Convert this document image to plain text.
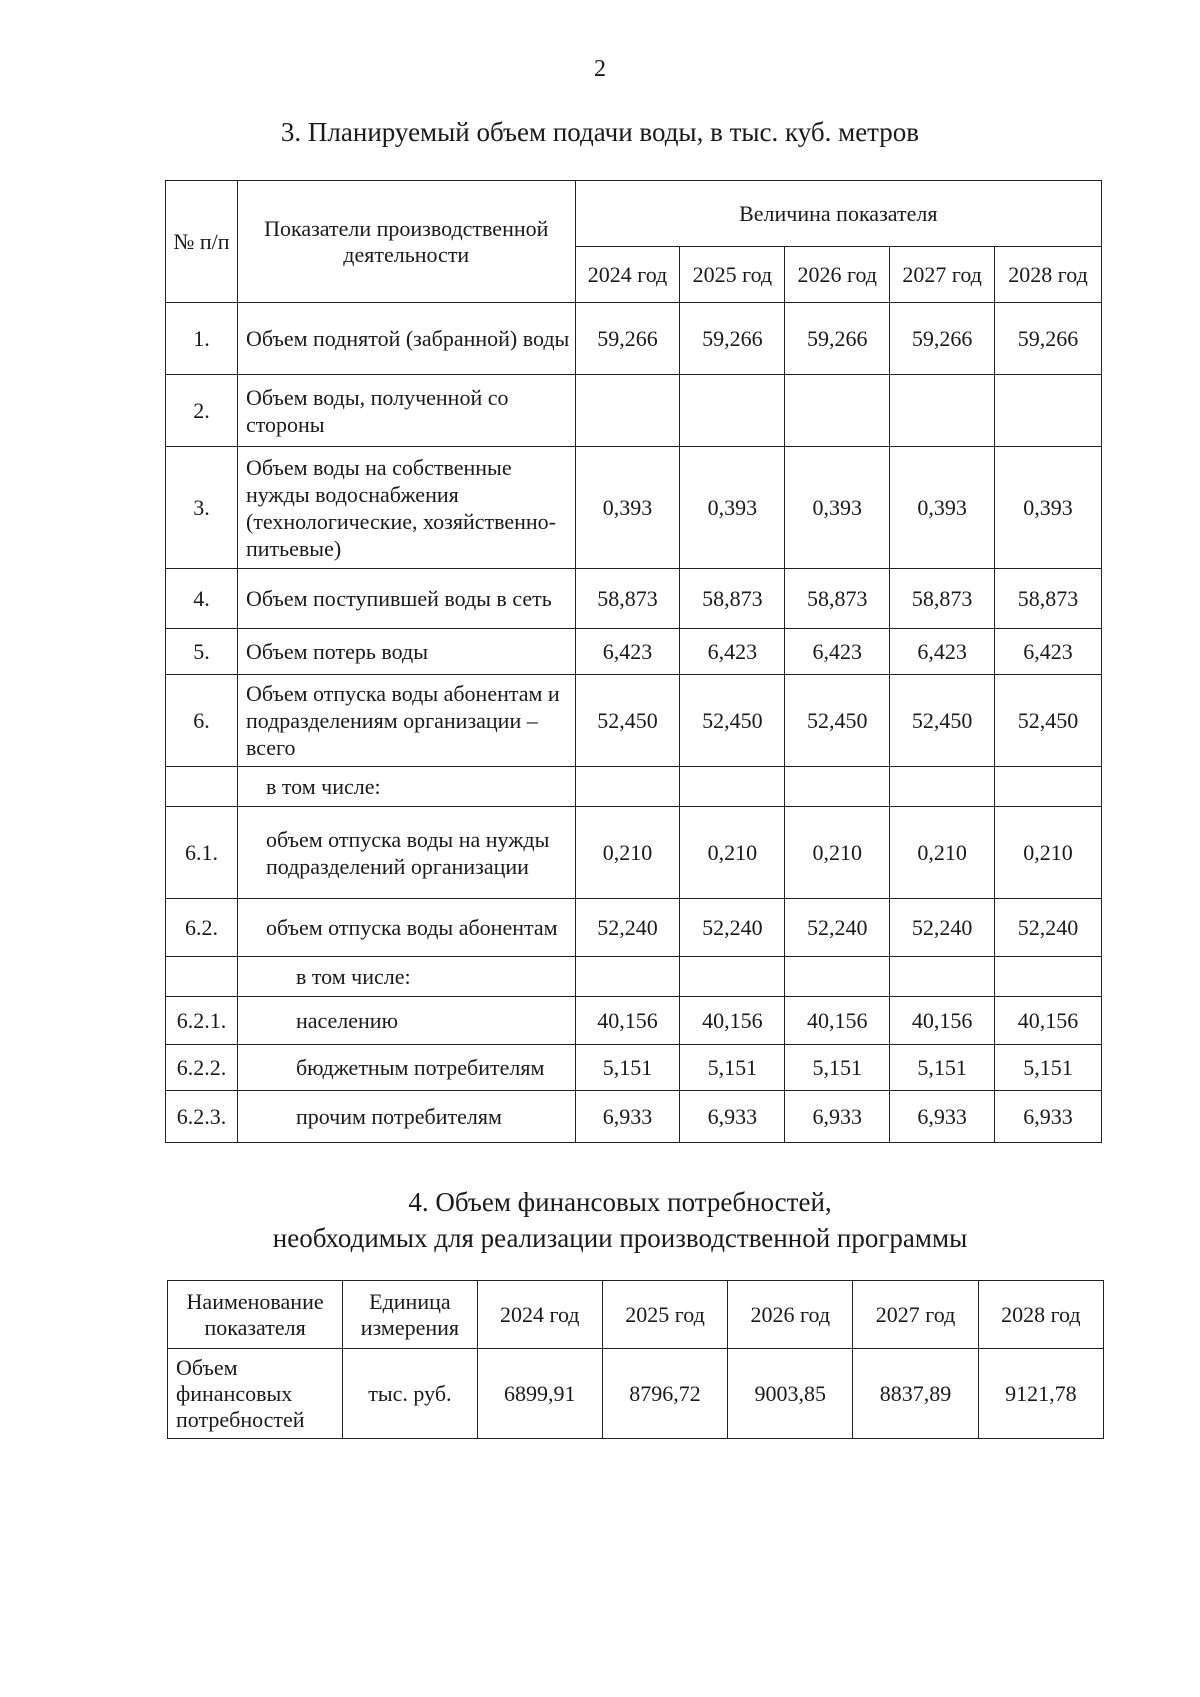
2
3. Планируемый объем подачи воды, в тыс. куб. метров
№ п/п	Показатели производственной деятельности	Величина показателя				
		2024 год	2025 год	2026 год	2027 год	2028 год
1.	Объем поднятой (забранной) воды	59,266	59,266	59,266	59,266	59,266
2.	Объем воды, полученной со стороны					
3.	Объем воды на собственные нужды водоснабжения (технологические, хозяйственно-питьевые)	0,393	0,393	0,393	0,393	0,393
4.	Объем поступившей воды в сеть	58,873	58,873	58,873	58,873	58,873
5.	Объем потерь воды	6,423	6,423	6,423	6,423	6,423
6.	Объем отпуска воды абонентам и подразделениям организации – всего	52,450	52,450	52,450	52,450	52,450
	в том числе:					
6.1.	объем отпуска воды на нужды подразделений организации	0,210	0,210	0,210	0,210	0,210
6.2.	объем отпуска воды абонентам	52,240	52,240	52,240	52,240	52,240
	в том числе:					
6.2.1.	населению	40,156	40,156	40,156	40,156	40,156
6.2.2.	бюджетным потребителям	5,151	5,151	5,151	5,151	5,151
6.2.3.	прочим потребителям	6,933	6,933	6,933	6,933	6,933
4. Объем финансовых потребностей,
необходимых для реализации производственной программы
Наименование показателя	Единица измерения	2024 год	2025 год	2026 год	2027 год	2028 год
Объем финансовых потребностей	тыс. руб.	6899,91	8796,72	9003,85	8837,89	9121,78
